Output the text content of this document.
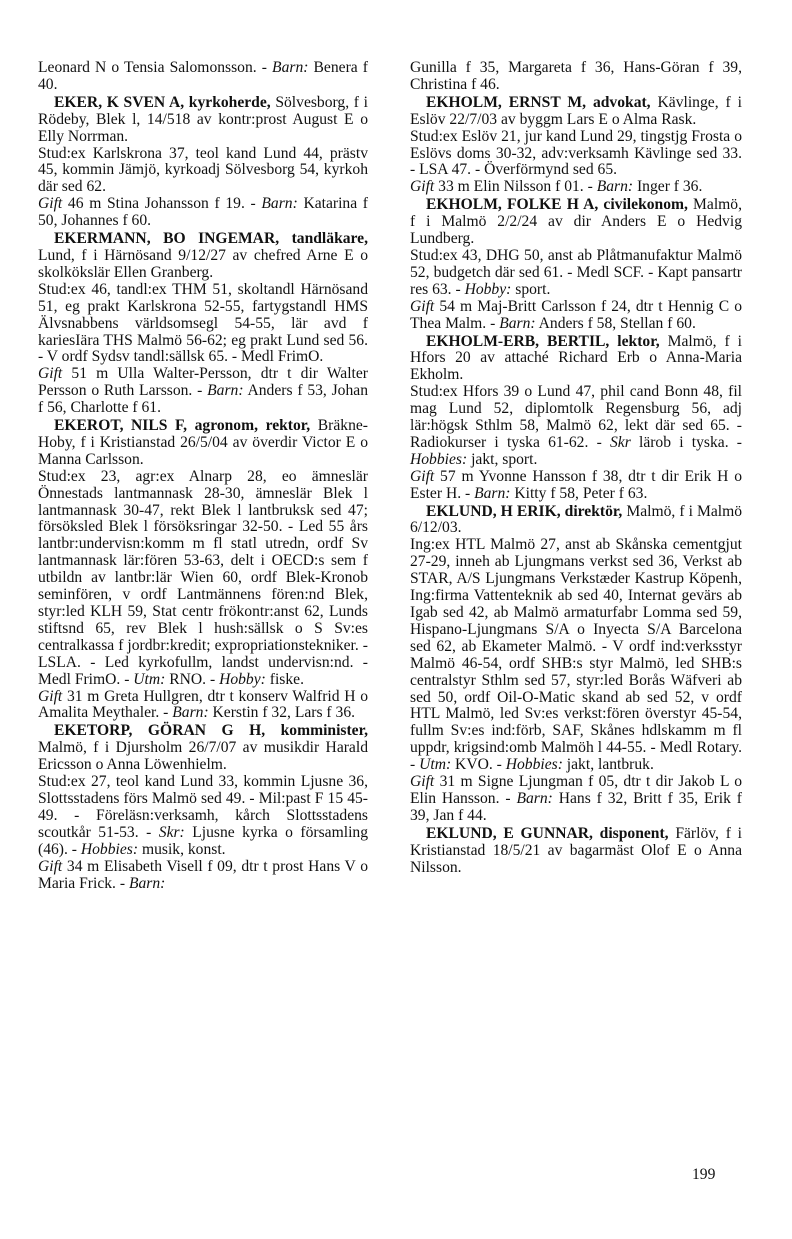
Leonard N o Tensia Salomonsson. - Barn: Benera f 40.

EKER, K SVEN A, kyrkoherde, Sölvesborg, f i Rödeby, Blek l, 14/518 av kontr:prost August E o Elly Norrman.

Stud:ex Karlskrona 37, teol kand Lund 44, prästv 45, kommin Jämjö, kyrkoadj Sölvesborg 54, kyrkoh där sed 62.

Gift 46 m Stina Johansson f 19. - Barn: Katarina f 50, Johannes f 60.

EKERMANN, BO INGEMAR, tandläkare, Lund, f i Härnösand 9/12/27 av chefred Arne E o skolkökslär Ellen Granberg.

Stud:ex 46, tandl:ex THM 51, skoltandl Härnösand 51, eg prakt Karlskrona 52-55, fartygstandl HMS Älvsnabbens världsomsegl 54-55, lär avd f kariesIära THS Malmö 56-62; eg prakt Lund sed 56. - V ordf Sydsv tandl:sällsk 65. - Medl FrimO.

Gift 51 m Ulla Walter-Persson, dtr t dir Walter Persson o Ruth Larsson. - Barn: Anders f 53, Johan f 56, Charlotte f 61.

EKEROT, NILS F, agronom, rektor, Bräkne-Hoby, f i Kristianstad 26/5/04 av överdir Victor E o Manna Carlsson.

Stud:ex 23, agr:ex Alnarp 28, eo ämneslär Önnestads lantmannask 28-30, ämneslär Blek l lantmannask 30-47, rekt Blek l lantbruksk sed 47; försöksled Blek l försöksringar 32-50. - Led 55 års lantbr:undervisn:komm m fl statl utredn, ordf Sv lantmannask lär:fören 53-63, delt i OECD:s sem f utbildn av lantbr:lär Wien 60, ordf Blek-Kronob seminfören, v ordf Lantmännens fören:nd Blek, styr:led KLH 59, Stat centr frökontr:anst 62, Lunds stiftsnd 65, rev Blek l hush:sällsk o S Sv:es centralkassa f jordbr:kredit; expropriationstekniker. - LSLA. - Led kyrkofullm, landst undervisn:nd. - Medl FrimO. - Utm: RNO. - Hobby: fiske.

Gift 31 m Greta Hullgren, dtr t konserv Walfrid H o Amalita Meythaler. - Barn: Kerstin f 32, Lars f 36.

EKETORP, GÖRAN G H, komminister, Malmö, f i Djursholm 26/7/07 av musikdir Harald Ericsson o Anna Löwenhielm.

Stud:ex 27, teol kand Lund 33, kommin Ljusne 36, Slottsstadens förs Malmö sed 49. - Mil:past F 15 45-49. - Föreläsn:verksamh, kårch Slottsstadens scoutkår 51-53. - Skr: Ljusne kyrka o församling (46). - Hobbies: musik, konst.

Gift 34 m Elisabeth Visell f 09, dtr t prost Hans V o Maria Frick. - Barn:

Gunilla f 35, Margareta f 36, Hans-Göran f 39, Christina f 46.

EKHOLM, ERNST M, advokat, Kävlinge, f i Eslöv 22/7/03 av byggm Lars E o Alma Rask.

Stud:ex Eslöv 21, jur kand Lund 29, tingstjg Frosta o Eslövs doms 30-32, adv:verksamh Kävlinge sed 33. - LSA 47. - Överförmynd sed 65.

Gift 33 m Elin Nilsson f 01. - Barn: Inger f 36.

EKHOLM, FOLKE H A, civilekonom, Malmö, f i Malmö 2/2/24 av dir Anders E o Hedvig Lundberg.

Stud:ex 43, DHG 50, anst ab Plåtmanufaktur Malmö 52, budgetch där sed 61. - Medl SCF. - Kapt pansartr res 63. - Hobby: sport.

Gift 54 m Maj-Britt Carlsson f 24, dtr t Hennig C o Thea Malm. - Barn: Anders f 58, Stellan f 60.

EKHOLM-ERB, BERTIL, lektor, Malmö, f i Hfors 20 av attaché Richard Erb o Anna-Maria Ekholm.

Stud:ex Hfors 39 o Lund 47, phil cand Bonn 48, fil mag Lund 52, diplomtolk Regensburg 56, adj lär:högsk Sthlm 58, Malmö 62, lekt där sed 65. - Radiokurser i tyska 61-62. - Skr lärob i tyska. - Hobbies: jakt, sport.

Gift 57 m Yvonne Hansson f 38, dtr t dir Erik H o Ester H. - Barn: Kitty f 58, Peter f 63.

EKLUND, H ERIK, direktör, Malmö, f i Malmö 6/12/03.

Ing:ex HTL Malmö 27, anst ab Skånska cementgjut 27-29, inneh ab Ljungmans verkst sed 36, Verkst ab STAR, A/S Ljungmans Verkstæder Kastrup Köpenh, Ing:firma Vattenteknik ab sed 40, Internat gevärs ab Igab sed 42, ab Malmö armaturfabr Lomma sed 59, Hispano-Ljungmans S/A o Inyecta S/A Barcelona sed 62, ab Ekameter Malmö. - V ordf ind:verksstyr Malmö 46-54, ordf SHB:s styr Malmö, led SHB:s centralstyr Sthlm sed 57, styr:led Borås Wäfveri ab sed 50, ordf Oil-O-Matic skand ab sed 52, v ordf HTL Malmö, led Sv:es verkst:fören överstyr 45-54, fullm Sv:es ind:förb, SAF, Skånes hdlskamm m fl uppdr, krigsind:omb Malmöh l 44-55. - Medl Rotary. - Utm: KVO. - Hobbies: jakt, lantbruk.

Gift 31 m Signe Ljungman f 05, dtr t dir Jakob L o Elin Hansson. - Barn: Hans f 32, Britt f 35, Erik f 39, Jan f 44.

EKLUND, E GUNNAR, disponent, Färlöv, f i Kristianstad 18/5/21 av bagarmäst Olof E o Anna Nilsson.

199
